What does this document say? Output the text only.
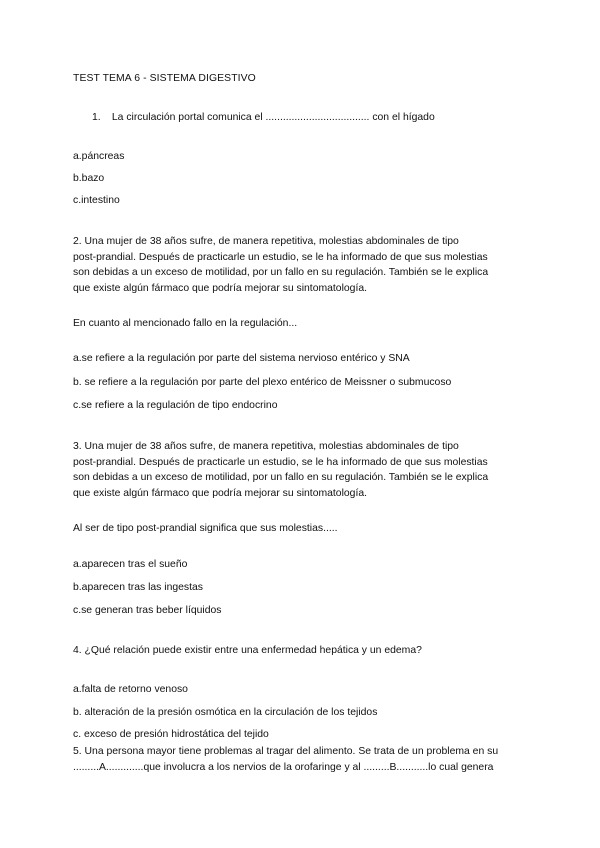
TEST TEMA 6 - SISTEMA DIGESTIVO
1. La circulación portal comunica el .................................... con el hígado
a.páncreas
b.bazo
c.intestino
2. Una mujer de 38 años sufre, de manera repetitiva, molestias abdominales de tipo
post-prandial. Después de practicarle un estudio, se le ha informado de que sus molestias
son debidas a un exceso de motilidad, por un fallo en su regulación. También se le explica
que existe algún fármaco que podría mejorar su sintomatología.
En cuanto al mencionado fallo en la regulación...
a.se refiere a la regulación por parte del sistema nervioso entérico y SNA
b. se refiere a la regulación por parte del plexo entérico de Meissner o submucoso
c.se refiere a la regulación de tipo endocrino
3. Una mujer de 38 años sufre, de manera repetitiva, molestias abdominales de tipo
post-prandial. Después de practicarle un estudio, se le ha informado de que sus molestias
son debidas a un exceso de motilidad, por un fallo en su regulación. También se le explica
que existe algún fármaco que podría mejorar su sintomatología.
Al ser de tipo post-prandial significa que sus molestias.....
a.aparecen tras el sueño
b.aparecen tras las ingestas
c.se generan tras beber líquidos
4. ¿Qué relación puede existir entre una enfermedad hepática y un edema?
a.falta de retorno venoso
b. alteración de la presión osmótica en la circulación de los tejidos
c. exceso de presión hidrostática del tejido
5. Una persona mayor tiene problemas al tragar del alimento. Se trata de un problema en su
.........A.............que involucra a los nervios de la orofaringe y al .........B...........lo cual genera
